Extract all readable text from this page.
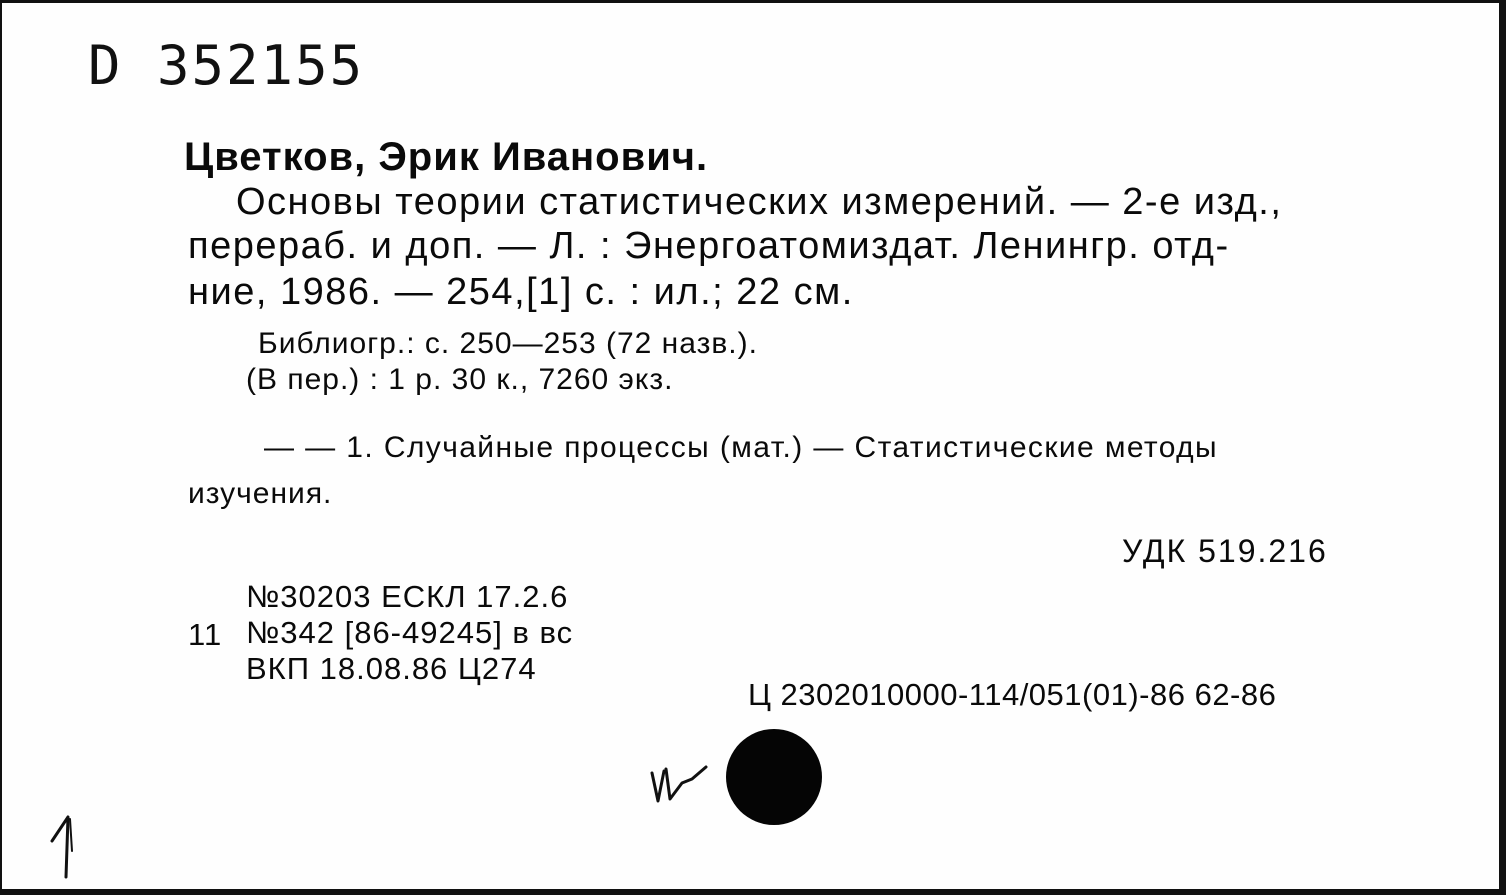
D 352155
Цветков, Эрик Иванович.
Основы теории статистических измерений. — 2-е изд.,
перераб. и доп. — Л. : Энергоатомиздат. Ленингр. отд-
ние, 1986. — 254,[1] с. : ил.; 22 см.
Библиогр.: с. 250—253 (72 назв.).
(В пер.) : 1 р. 30 к., 7260 экз.
— — 1. Случайные процессы (мат.) — Статистические методы
изучения.
УДК 519.216
№30203 ЕСКЛ 17.2.6
11 №342 [86-49245] в вс
ВКП 18.08.86 Ц274
Ц 2302010000-114/051(01)-86 62-86
